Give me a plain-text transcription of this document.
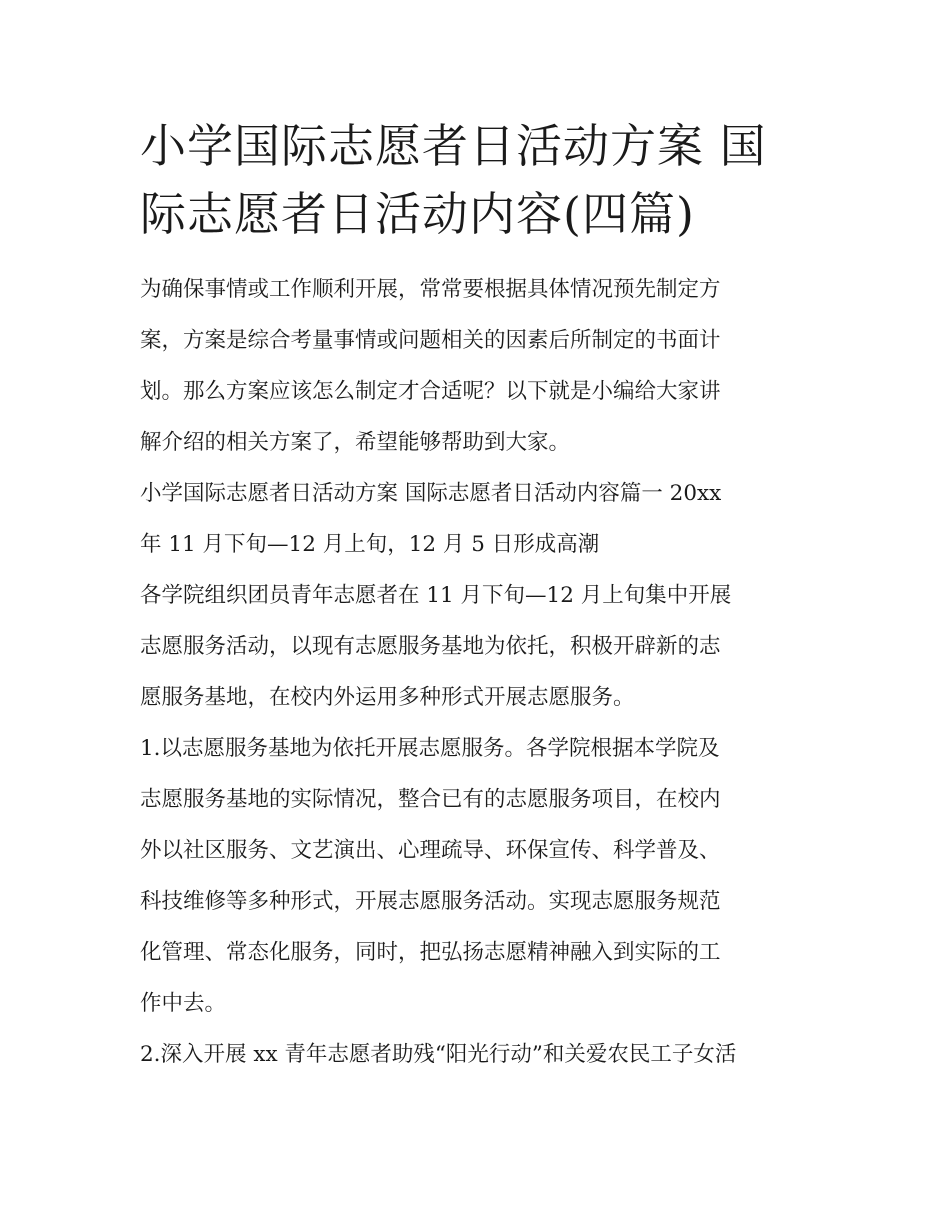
小学国际志愿者日活动方案 国
际志愿者日活动内容(四篇)

为确保事情或工作顺利开展，常常要根据具体情况预先制定方
案，方案是综合考量事情或问题相关的因素后所制定的书面计
划。那么方案应该怎么制定才合适呢？以下就是小编给大家讲
解介绍的相关方案了，希望能够帮助到大家。

小学国际志愿者日活动方案 国际志愿者日活动内容篇一 20xx
年 11 月下旬—12 月上旬，12 月 5 日形成高潮

各学院组织团员青年志愿者在 11 月下旬—12 月上旬集中开展
志愿服务活动，以现有志愿服务基地为依托，积极开辟新的志
愿服务基地，在校内外运用多种形式开展志愿服务。

1.以志愿服务基地为依托开展志愿服务。各学院根据本学院及
志愿服务基地的实际情况，整合已有的志愿服务项目，在校内
外以社区服务、文艺演出、心理疏导、环保宣传、科学普及、
科技维修等多种形式，开展志愿服务活动。实现志愿服务规范
化管理、常态化服务，同时，把弘扬志愿精神融入到实际的工
作中去。

2.深入开展 xx 青年志愿者助残“阳光行动”和关爱农民工子女活
